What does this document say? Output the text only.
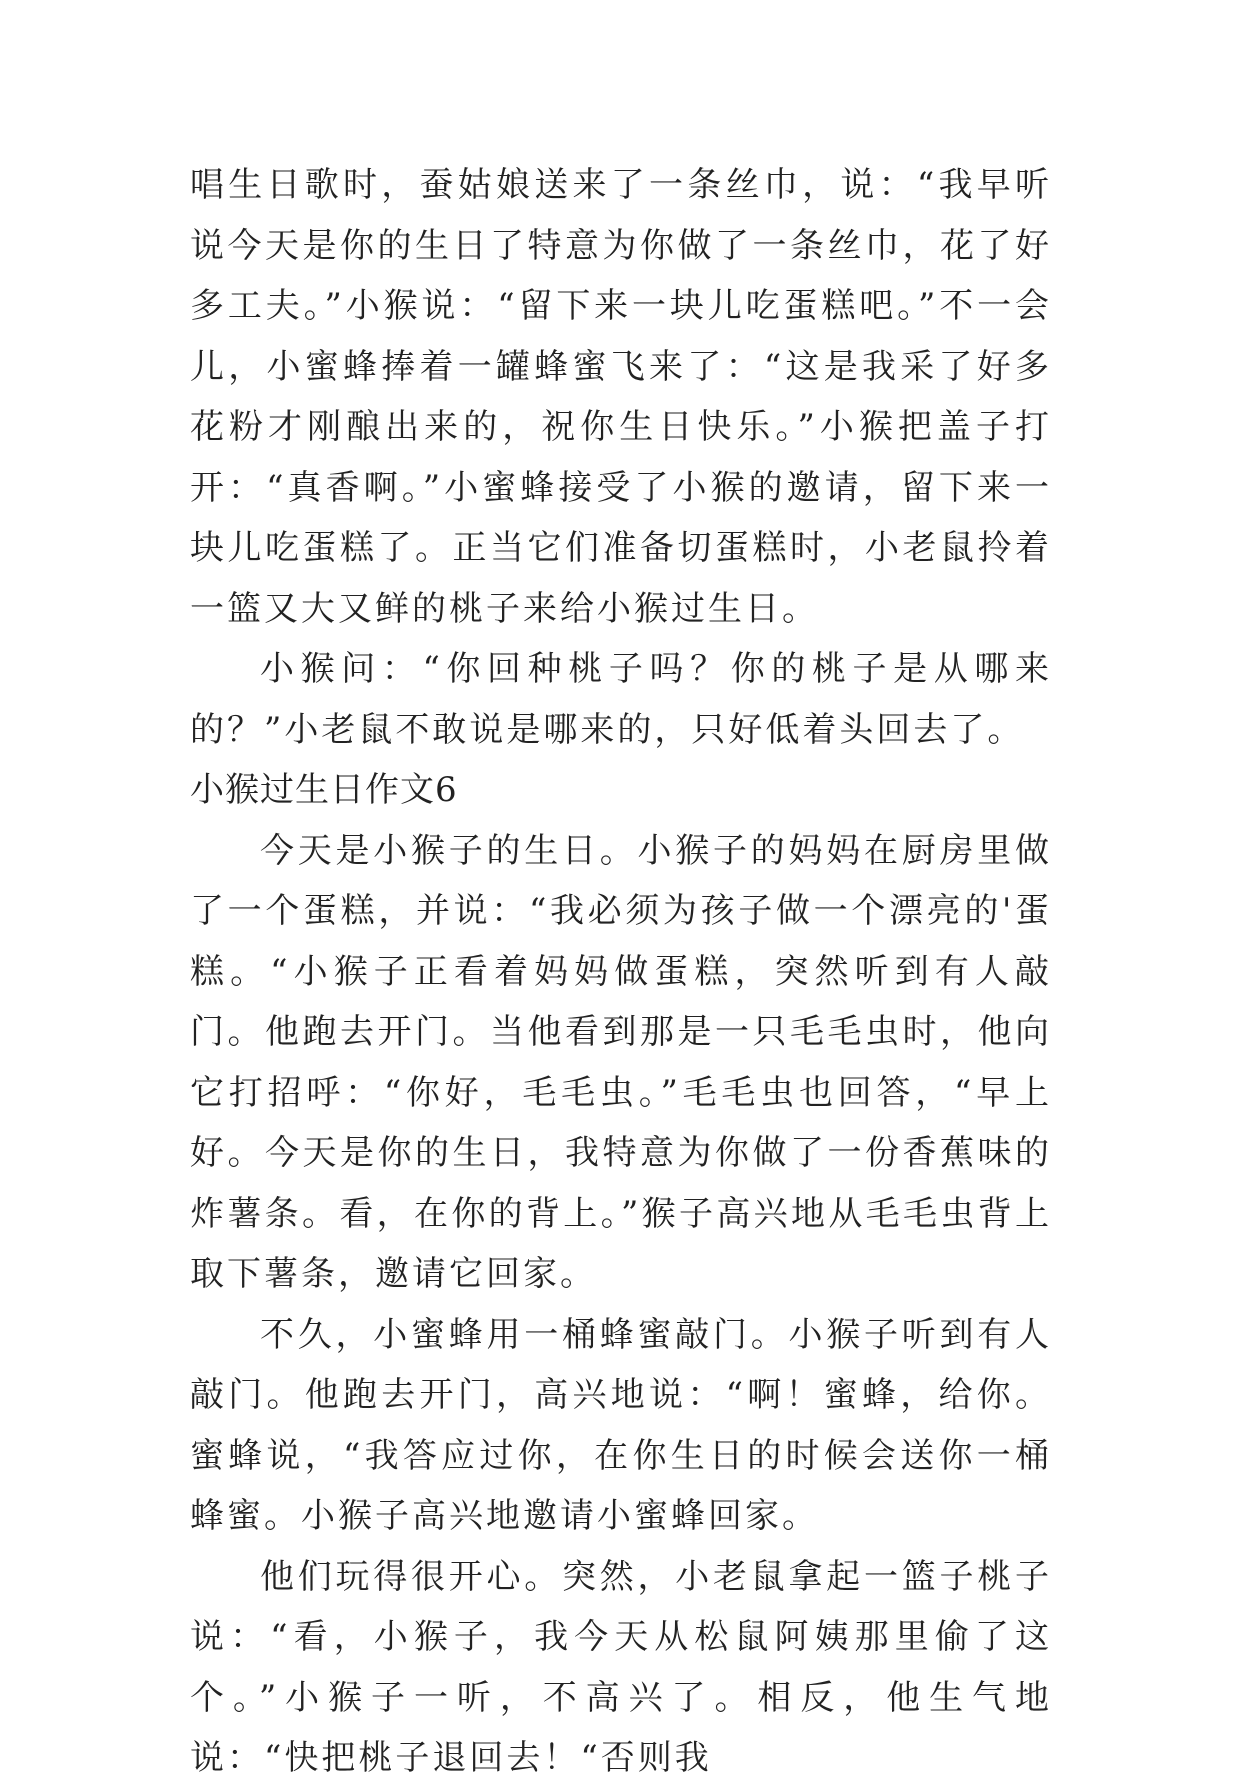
唱生日歌时，蚕姑娘送来了一条丝巾，说：“我早听说今天是你的生日了特意为你做了一条丝巾，花了好多工夫。”小猴说：“留下来一块儿吃蛋糕吧。”不一会儿，小蜜蜂捧着一罐蜂蜜飞来了：“这是我采了好多花粉才刚酿出来的，祝你生日快乐。”小猴把盖子打开：“真香啊。”小蜜蜂接受了小猴的邀请，留下来一块儿吃蛋糕了。正当它们准备切蛋糕时，小老鼠拎着一篮又大又鲜的桃子来给小猴过生日。

小猴问：“你回种桃子吗？你的桃子是从哪来的？”小老鼠不敢说是哪来的，只好低着头回去了。

小猴过生日作文6

今天是小猴子的生日。小猴子的妈妈在厨房里做了一个蛋糕，并说：“我必须为孩子做一个漂亮的'蛋糕。“小猴子正看着妈妈做蛋糕，突然听到有人敲门。他跑去开门。当他看到那是一只毛毛虫时，他向它打招呼：“你好，毛毛虫。”毛毛虫也回答，“早上好。今天是你的生日，我特意为你做了一份香蕉味的炸薯条。看，在你的背上。”猴子高兴地从毛毛虫背上取下薯条，邀请它回家。

不久，小蜜蜂用一桶蜂蜜敲门。小猴子听到有人敲门。他跑去开门，高兴地说：“啊！蜜蜂，给你。蜜蜂说，“我答应过你，在你生日的时候会送你一桶蜂蜜。小猴子高兴地邀请小蜜蜂回家。

他们玩得很开心。突然，小老鼠拿起一篮子桃子说：“看，小猴子，我今天从松鼠阿姨那里偷了这个。”小猴子一听，不高兴了。相反，他生气地说：“快把桃子退回去！“否则我
